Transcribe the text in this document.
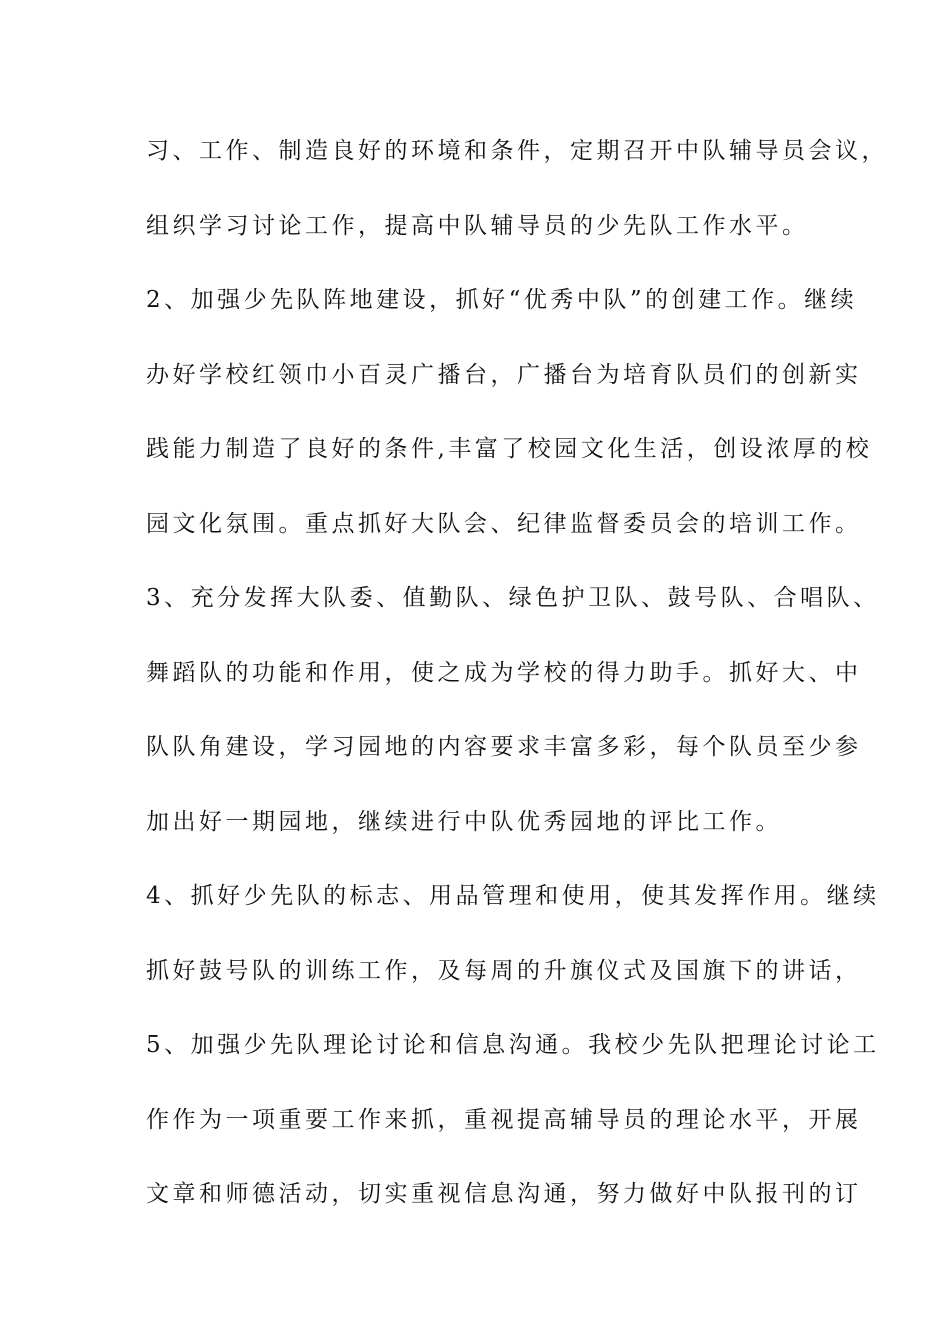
习、工作、制造良好的环境和条件，定期召开中队辅导员会议，
组织学习讨论工作，提高中队辅导员的少先队工作水平。
2、加强少先队阵地建设，抓好“优秀中队”的创建工作。继续
办好学校红领巾小百灵广播台，广播台为培育队员们的创新实
践能力制造了良好的条件,丰富了校园文化生活，创设浓厚的校
园文化氛围。重点抓好大队会、纪律监督委员会的培训工作。
3、充分发挥大队委、值勤队、绿色护卫队、鼓号队、合唱队、
舞蹈队的功能和作用，使之成为学校的得力助手。抓好大、中
队队角建设，学习园地的内容要求丰富多彩，每个队员至少参
加出好一期园地，继续进行中队优秀园地的评比工作。
4、抓好少先队的标志、用品管理和使用，使其发挥作用。继续
抓好鼓号队的训练工作，及每周的升旗仪式及国旗下的讲话，
5、加强少先队理论讨论和信息沟通。我校少先队把理论讨论工
作作为一项重要工作来抓，重视提高辅导员的理论水平，开展
文章和师德活动，切实重视信息沟通，努力做好中队报刊的订
